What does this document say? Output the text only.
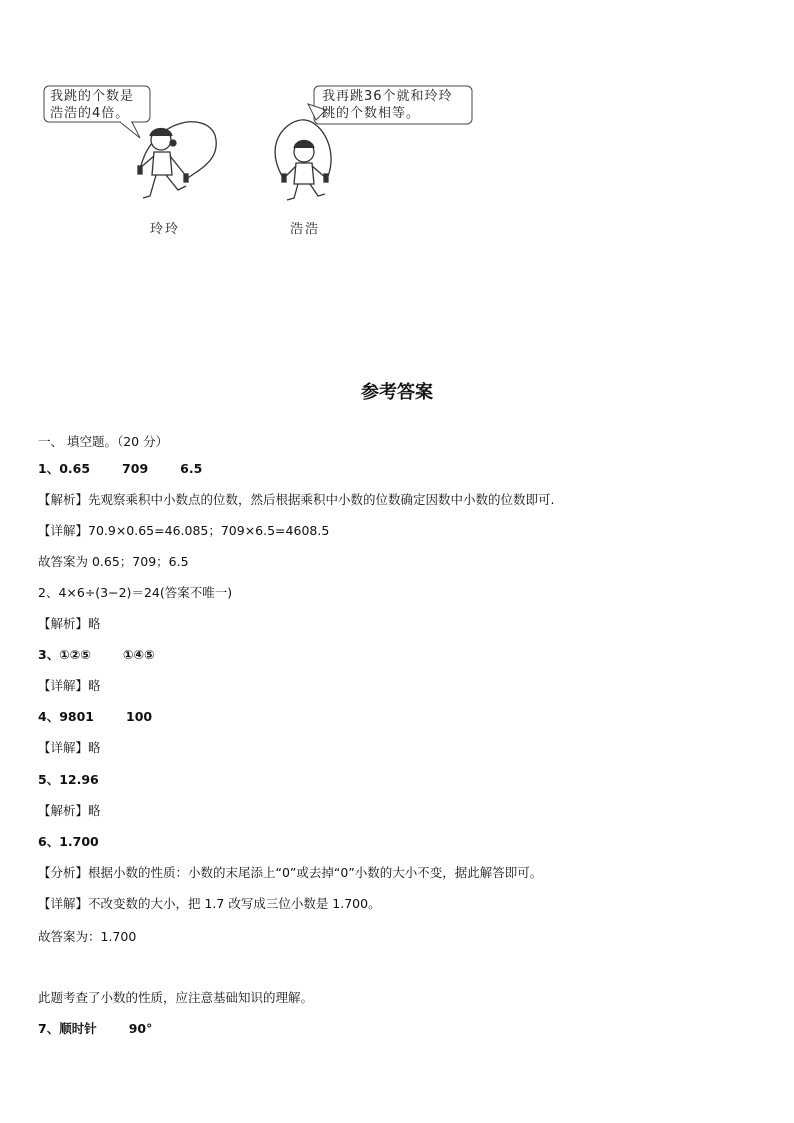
我跳的个数是
浩浩的4倍。
我再跳36个就和玲玲
跳的个数相等。
玲玲	浩浩
参考答案
一、 填空题。（20 分）
1、0.65	709	6.5
【解析】先观察乘积中小数点的位数，然后根据乘积中小数的位数确定因数中小数的位数即可.
【详解】70.9×0.65=46.085；709×6.5=4608.5
故答案为 0.65；709；6.5
2、4×6÷(3−2)＝24(答案不唯一)
【解析】略
3、①②⑤	①④⑤
【详解】略
4、9801	100
【详解】略
5、12.96
【解析】略
6、1.700
【分析】根据小数的性质：小数的末尾添上“0”或去掉“0”小数的大小不变，据此解答即可。
【详解】不改变数的大小，把 1.7 改写成三位小数是 1.700。
故答案为：1.700
此题考查了小数的性质，应注意基础知识的理解。
7、顺时针	90°
